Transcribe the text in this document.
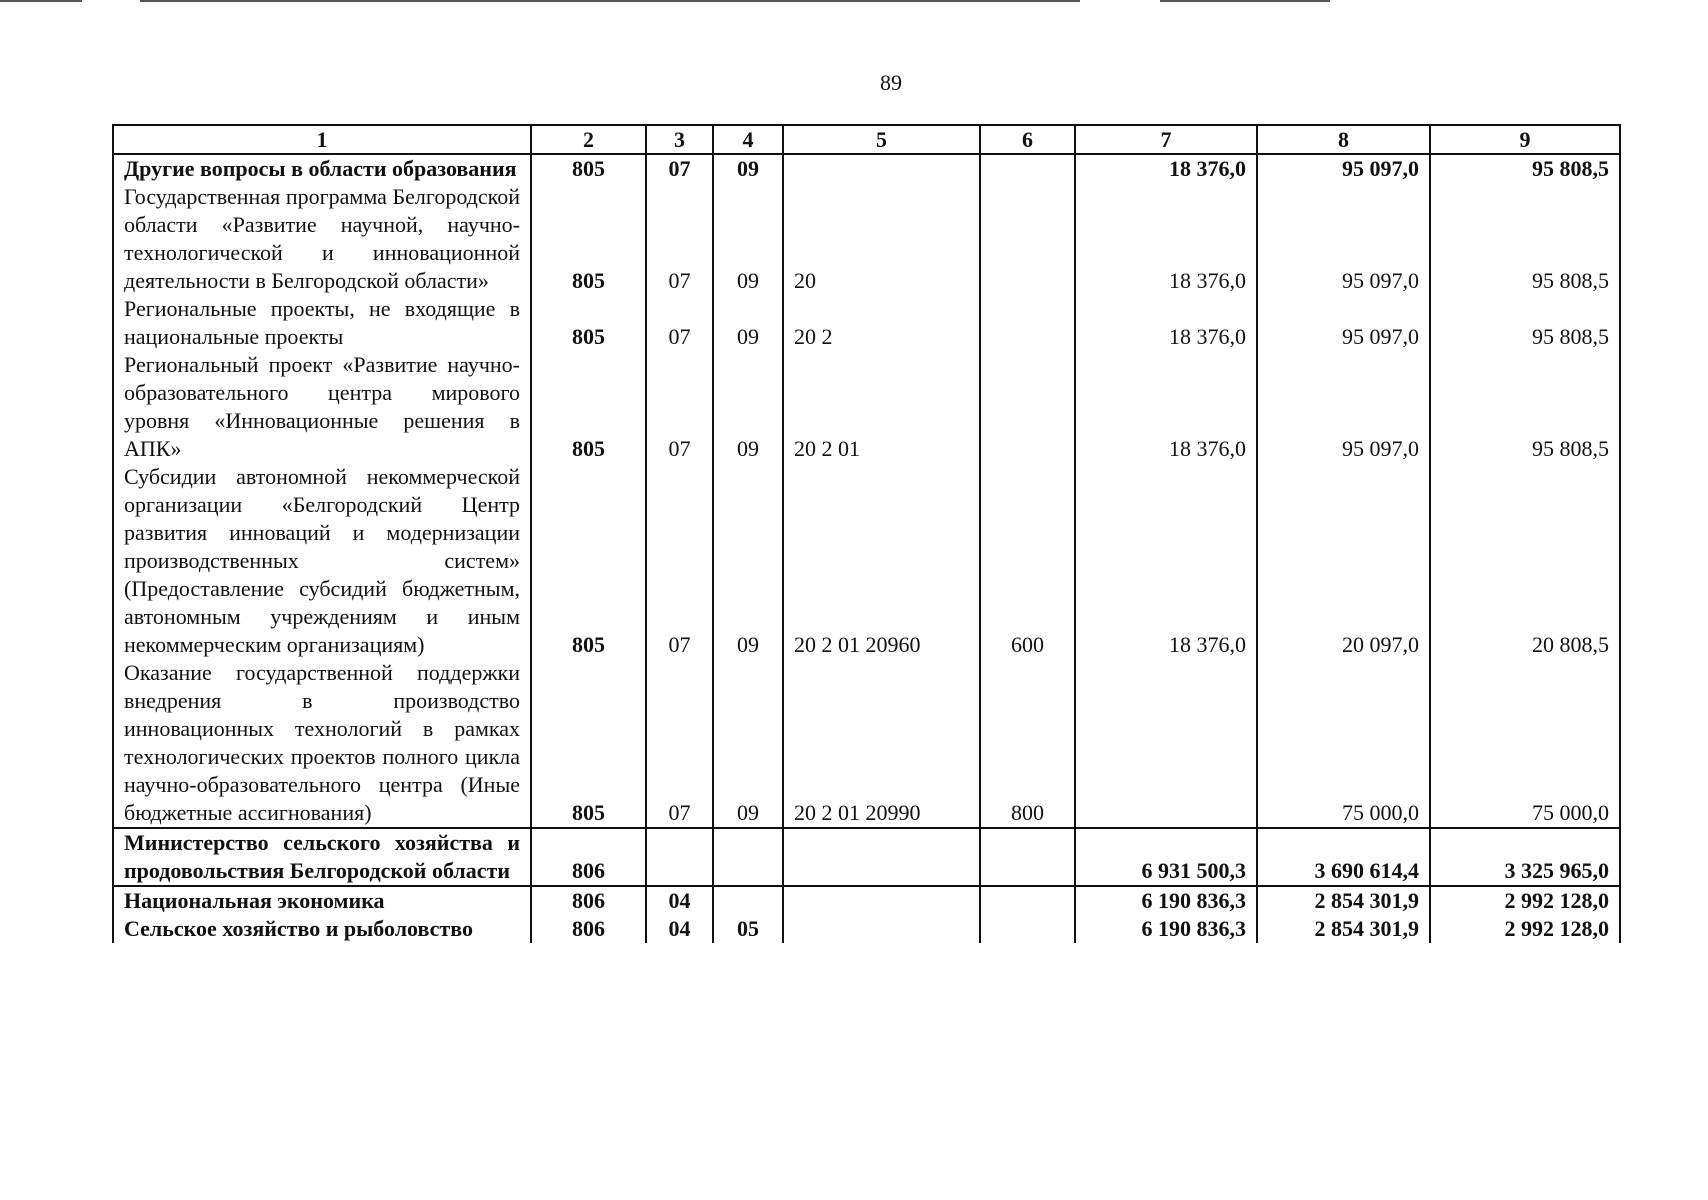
89
1	2	3	4	5	6	7	8	9
Другие вопросы в области образования	805	07	09			18 376,0	95 097,0	95 808,5
Государственная программа Белгородской области «Развитие научной, научно-технологической и инновационной деятельности в Белгородской области»	805	07	09	20		18 376,0	95 097,0	95 808,5
Региональные проекты, не входящие в национальные проекты	805	07	09	20 2		18 376,0	95 097,0	95 808,5
Региональный проект «Развитие научно-образовательного центра мирового уровня «Инновационные решения в АПК»	805	07	09	20 2 01		18 376,0	95 097,0	95 808,5
Субсидии автономной некоммерческой организации «Белгородский Центр развития инноваций и модернизации производственных систем» (Предоставление субсидий бюджетным, автономным учреждениям и иным некоммерческим организациям)	805	07	09	20 2 01 20960	600	18 376,0	20 097,0	20 808,5
Оказание государственной поддержки внедрения в производство инновационных технологий в рамках технологических проектов полного цикла научно-образовательного центра (Иные бюджетные ассигнования)	805	07	09	20 2 01 20990	800		75 000,0	75 000,0
Министерство сельского хозяйства и продовольствия Белгородской области	806					6 931 500,3	3 690 614,4	3 325 965,0
Национальная экономика	806	04				6 190 836,3	2 854 301,9	2 992 128,0
Сельское хозяйство и рыболовство	806	04	05			6 190 836,3	2 854 301,9	2 992 128,0
